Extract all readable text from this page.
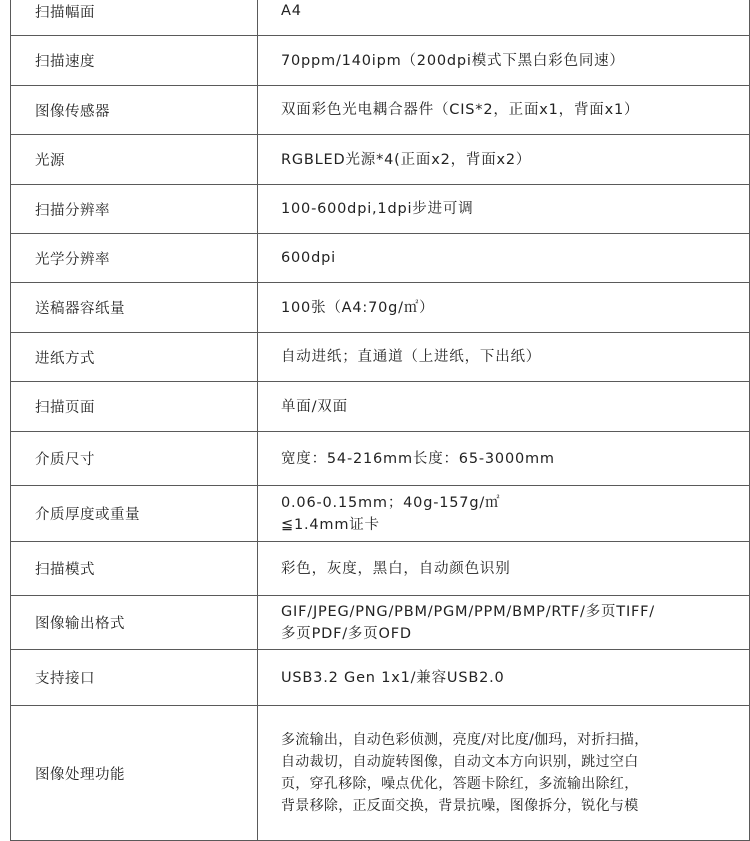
扫描幅面	A4
扫描速度	70ppm/140ipm（200dpi模式下黑白彩色同速）
图像传感器	双面彩色光电耦合器件（CIS*2，正面x1，背面x1）
光源	RGBLED光源*4(正面x2，背面x2）
扫描分辨率	100-600dpi,1dpi步进可调
光学分辨率	600dpi
送稿器容纸量	100张（A4:70g/㎡）
进纸方式	自动进纸；直通道（上进纸，下出纸）
扫描页面	单面/双面
介质尺寸	宽度：54-216mm长度：65-3000mm
介质厚度或重量	0.06-0.15mm；40g-157g/㎡
≦1.4mm证卡
扫描模式	彩色，灰度，黑白，自动颜色识别
图像输出格式	GIF/JPEG/PNG/PBM/PGM/PPM/BMP/RTF/多页TIFF/
多页PDF/多页OFD
支持接口	USB3.2 Gen 1x1/兼容USB2.0
图像处理功能	多流输出，自动色彩侦测，亮度/对比度/伽玛，对折扫描，
自动裁切，自动旋转图像，自动文本方向识别，跳过空白
页，穿孔移除，噪点优化，答题卡除红，多流输出除红，
背景移除，正反面交换，背景抗噪，图像拆分，锐化与模
